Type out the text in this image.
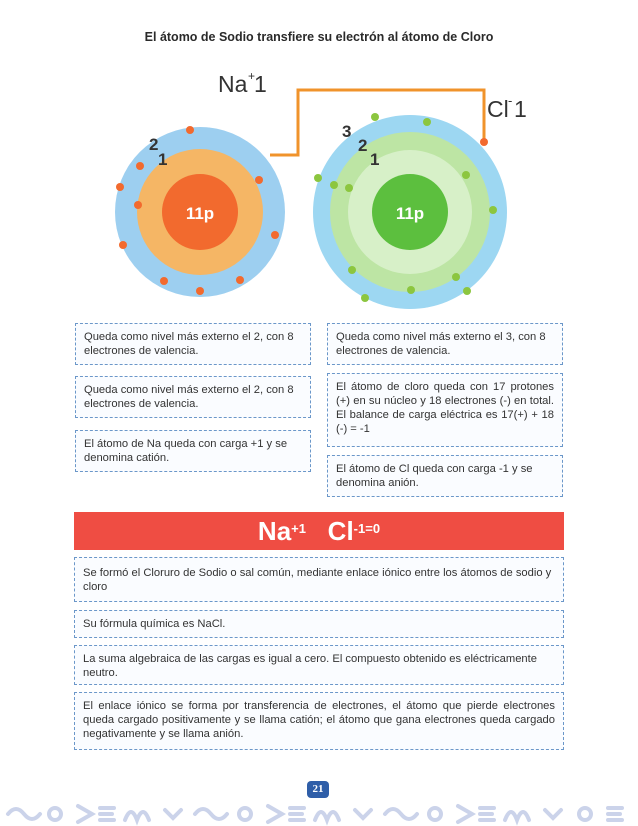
El átomo de Sodio transfiere su electrón al átomo de Cloro
11p
2
1
11p
3
2
1
Na +
1
Cl - 1
Queda como nivel más externo el 2, con 8 electrones de valencia.
Queda como nivel más externo el 2, con 8 electrones de valencia.
El átomo de Na queda con carga +1 y se denomina catión.
Queda como nivel más externo el 3, con 8 electrones de valencia.
El átomo de cloro queda con 17 protones (+) en su núcleo y 18 electrones (-) en total. El balance de carga eléctrica es 17(+) + 18 (-) = -1
El átomo de Cl queda con carga -1 y se denomina anión.
$Na^{+1}$ $Cl^{-1=0}$
Se formó el Cloruro de Sodio o sal común, mediante enlace iónico entre los átomos de sodio y cloro
Su fórmula química es NaCl.
La suma algebraica de las cargas es igual a cero. El compuesto obtenido es eléctricamente neutro.
El enlace iónico se forma por transferencia de electrones, el átomo que pierde electrones queda cargado positivamente y se llama catión; el átomo que gana electrones queda cargado negativamente y se llama anión.
21
